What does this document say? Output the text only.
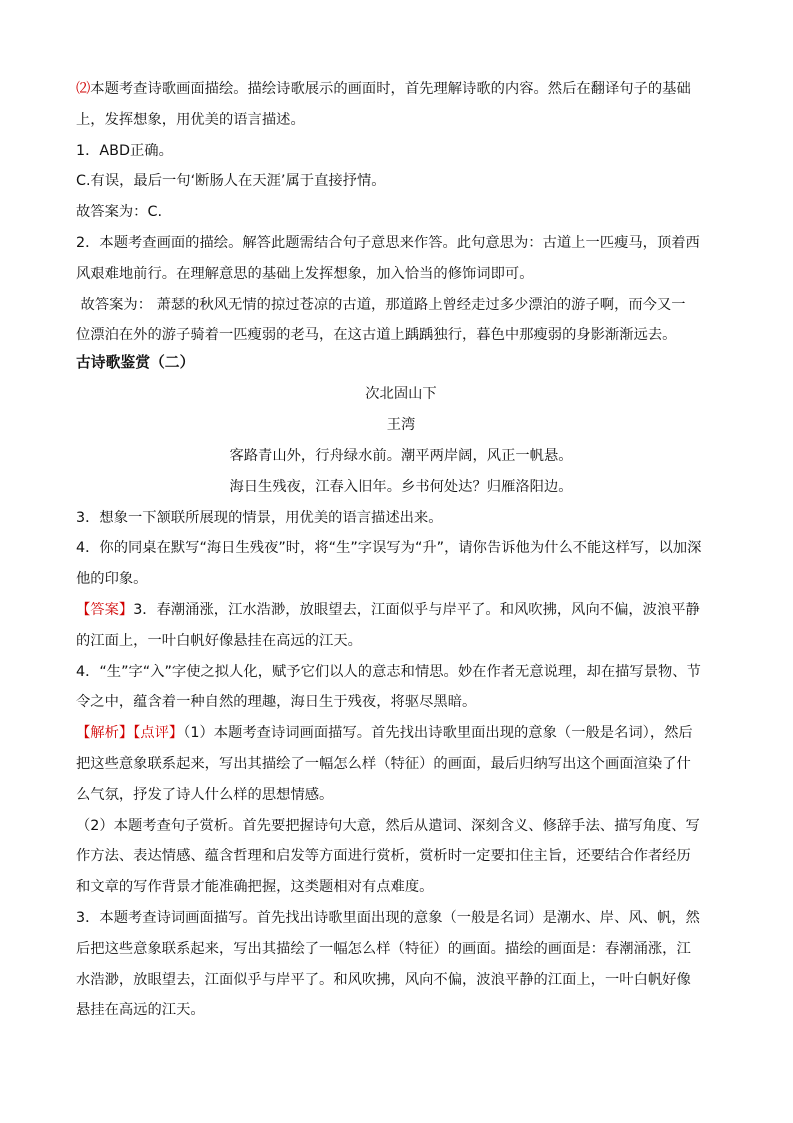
⑵本题考查诗歌画面描绘。描绘诗歌展示的画面时，首先理解诗歌的内容。然后在翻译句子的基础
上，发挥想象，用优美的语言描述。
1．ABD正确。
C.有误，最后一句‘断肠人在天涯’属于直接抒情。
故答案为：C.
2．本题考查画面的描绘。解答此题需结合句子意思来作答。此句意思为：古道上一匹瘦马，顶着西
风艰难地前行。在理解意思的基础上发挥想象，加入恰当的修饰词即可。
故答案为： 萧瑟的秋风无情的掠过苍凉的古道，那道路上曾经走过多少漂泊的游子啊，而今又一
位漂泊在外的游子骑着一匹瘦弱的老马，在这古道上踽踽独行，暮色中那瘦弱的身影渐渐远去。
古诗歌鉴赏（二）
次北固山下
王湾
客路青山外，行舟绿水前。潮平两岸阔，风正一帆悬。
海日生残夜，江春入旧年。乡书何处达？归雁洛阳边。
3．想象一下颔联所展现的情景，用优美的语言描述出来。
4．你的同桌在默写“海日生残夜”时，将“生”字误写为“升”，请你告诉他为什么不能这样写，以加深
他的印象。
【答案】3．春潮涌涨，江水浩渺，放眼望去，江面似乎与岸平了。和风吹拂，风向不偏，波浪平静
的江面上，一叶白帆好像悬挂在高远的江天。
4．“生”字“入”字使之拟人化，赋予它们以人的意志和情思。妙在作者无意说理，却在描写景物、节
令之中，蕴含着一种自然的理趣，海日生于残夜，将驱尽黑暗。
【解析】【点评】（1）本题考查诗词画面描写。首先找出诗歌里面出现的意象（一般是名词），然后
把这些意象联系起来，写出其描绘了一幅怎么样（特征）的画面，最后归纳写出这个画面渲染了什
么气氛，抒发了诗人什么样的思想情感。
（2）本题考查句子赏析。首先要把握诗句大意，然后从遣词、深刻含义、修辞手法、描写角度、写
作方法、表达情感、蕴含哲理和启发等方面进行赏析，赏析时一定要扣住主旨，还要结合作者经历
和文章的写作背景才能准确把握，这类题相对有点难度。
3．本题考查诗词画面描写。首先找出诗歌里面出现的意象（一般是名词）是潮水、岸、风、帆，然
后把这些意象联系起来，写出其描绘了一幅怎么样（特征）的画面。描绘的画面是：春潮涌涨，江
水浩渺，放眼望去，江面似乎与岸平了。和风吹拂，风向不偏，波浪平静的江面上，一叶白帆好像
悬挂在高远的江天。
